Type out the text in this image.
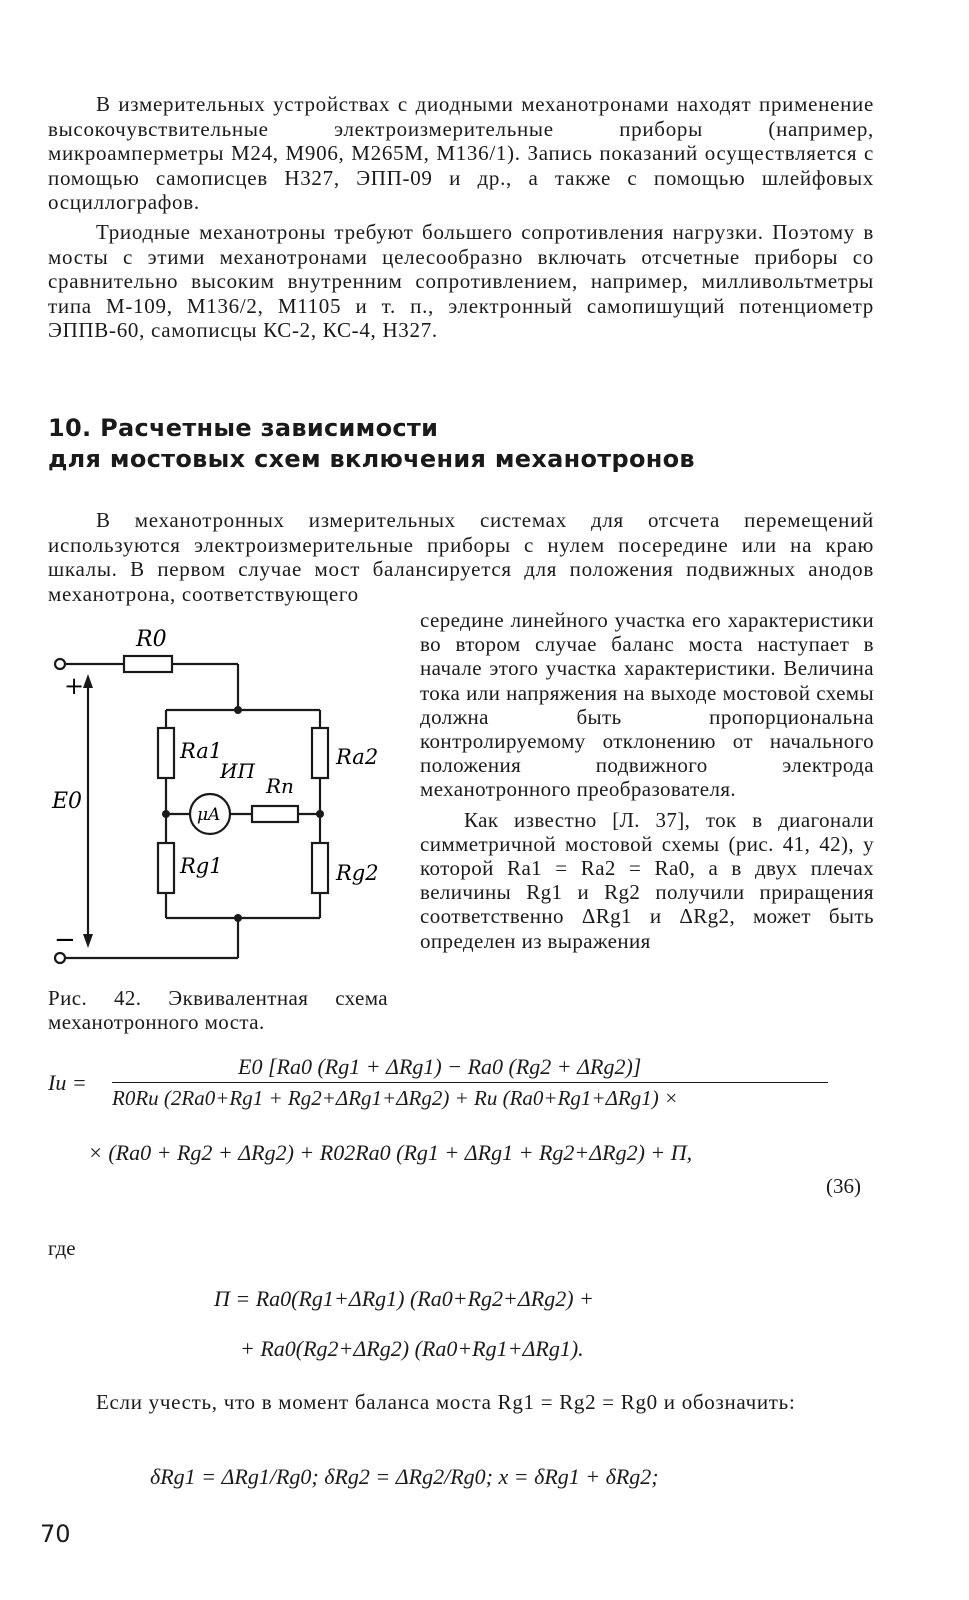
В измерительных устройствах с диодными механотронами находят применение высокочувствительные электроизмерительные приборы (например, микроамперметры М24, М906, М265М, М136/1). Запись показаний осуществляется с помощью самописцев Н327, ЭПП-09 и др., а также с помощью шлейфовых осциллографов.

Триодные механотроны требуют большего сопротивления нагрузки. Поэтому в мосты с этими механотронами целесообразно включать отсчетные приборы со сравнительно высоким внутренним сопротивлением, например, милливольтметры типа М-109, М136/2, М1105 и т. п., электронный самопишущий потенциометр ЭППВ-60, самописцы КС-2, КС-4, Н327.

10. Расчетные зависимости
для мостовых схем включения механотронов

В механотронных измерительных системах для отсчета перемещений используются электроизмерительные приборы с нулем посередине или на краю шкалы. В первом случае мост балансируется для положения подвижных анодов механотрона, соответствующего

середине линейного участка его характеристики во втором случае баланс моста наступает в начале этого участка характеристики. Величина тока или напряжения на выходе мостовой схемы должна быть пропорциональна контролируемому отклонению от начального положения подвижного электрода механотронного преобразователя.

Как известно [Л. 37], ток в диагонали симметричной мостовой схемы (рис. 41, 42), у которой Rа1 = Rа2 = Rа0, а в двух плечах величины Rg1 и Rg2 получили приращения соответственно ΔRg1 и ΔRg2, может быть определен из выражения

R0
Ra1	Ra2
Rg1	Rg2
Rп
ИП
μA
E0
+
−

Рис. 42. Эквивалентная схема механотронного моста.

Iи =
E0 [Rа0 (Rg1 + ΔRg1) − Rа0 (Rg2 + ΔRg2)]
R0Rи (2Rа0+Rg1 + Rg2+ΔRg1+ΔRg2) + Rи (Rа0+Rg1+ΔRg1) ×
× (Rа0 + Rg2 + ΔRg2) + R02Rа0 (Rg1 + ΔRg1 + Rg2+ΔRg2) + П,
(36)
где
П = Rа0(Rg1+ΔRg1) (Rа0+Rg2+ΔRg2) +
+ Rа0(Rg2+ΔRg2) (Rа0+Rg1+ΔRg1).

Если учесть, что в момент баланса моста Rg1 = Rg2 = Rg0 и обозначить:

δRg1 = ΔRg1/Rg0; δRg2 = ΔRg2/Rg0; x = δRg1 + δRg2;
70
